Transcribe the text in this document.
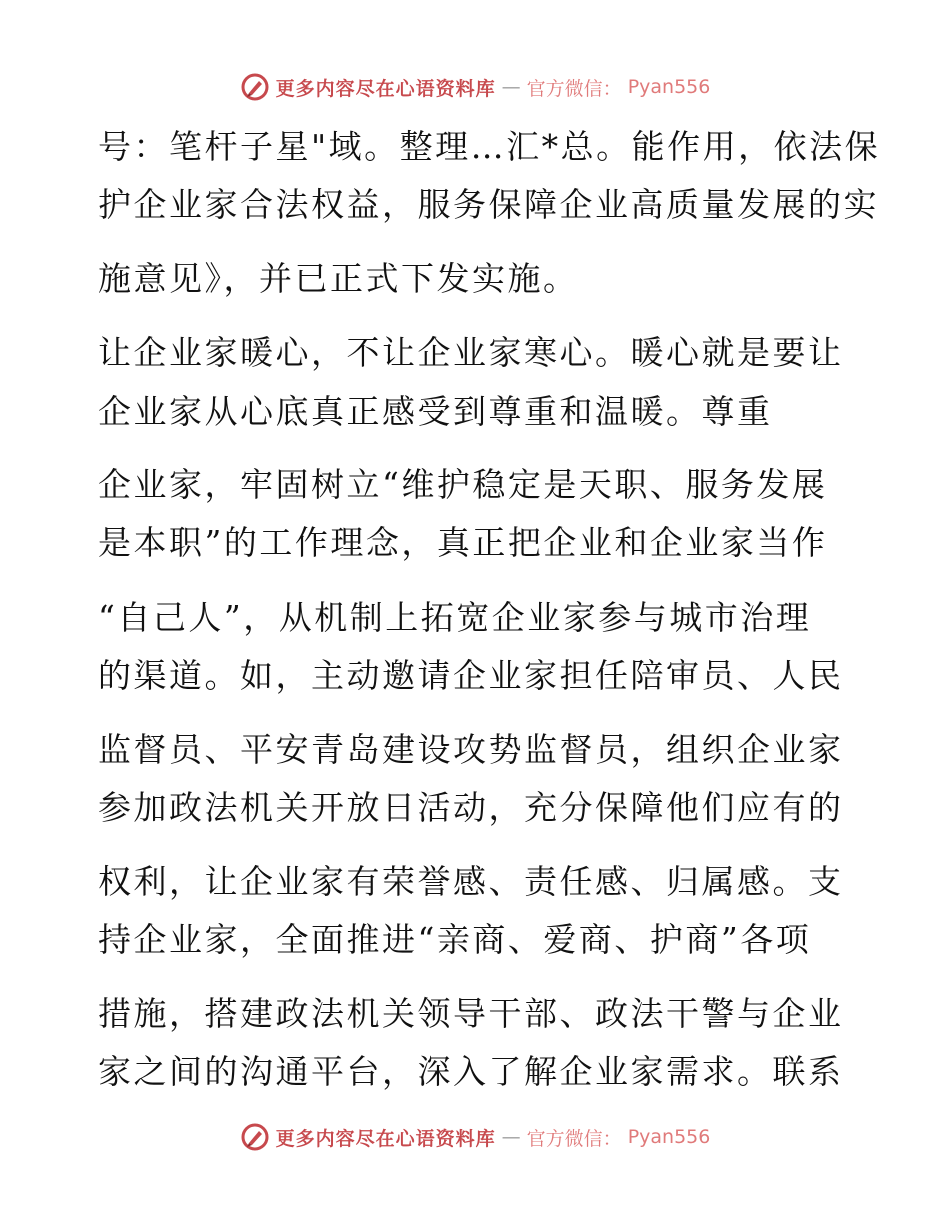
更多内容尽在心语资料库 — 官方微信： Pyan556
号：笔杆子星"域。整理…汇*总。能作用，依法保
护企业家合法权益，服务保障企业高质量发展的实
施意见》，并已正式下发实施。
让企业家暖心，不让企业家寒心。暖心就是要让
企业家从心底真正感受到尊重和温暖。尊重
企业家，牢固树立“维护稳定是天职、服务发展
是本职”的工作理念，真正把企业和企业家当作
“自己人”，从机制上拓宽企业家参与城市治理
的渠道。如，主动邀请企业家担任陪审员、人民
监督员、平安青岛建设攻势监督员，组织企业家
参加政法机关开放日活动，充分保障他们应有的
权利，让企业家有荣誉感、责任感、归属感。支
持企业家，全面推进“亲商、爱商、护商”各项
措施，搭建政法机关领导干部、政法干警与企业
家之间的沟通平台，深入了解企业家需求。联系
更多内容尽在心语资料库 — 官方微信： Pyan556
